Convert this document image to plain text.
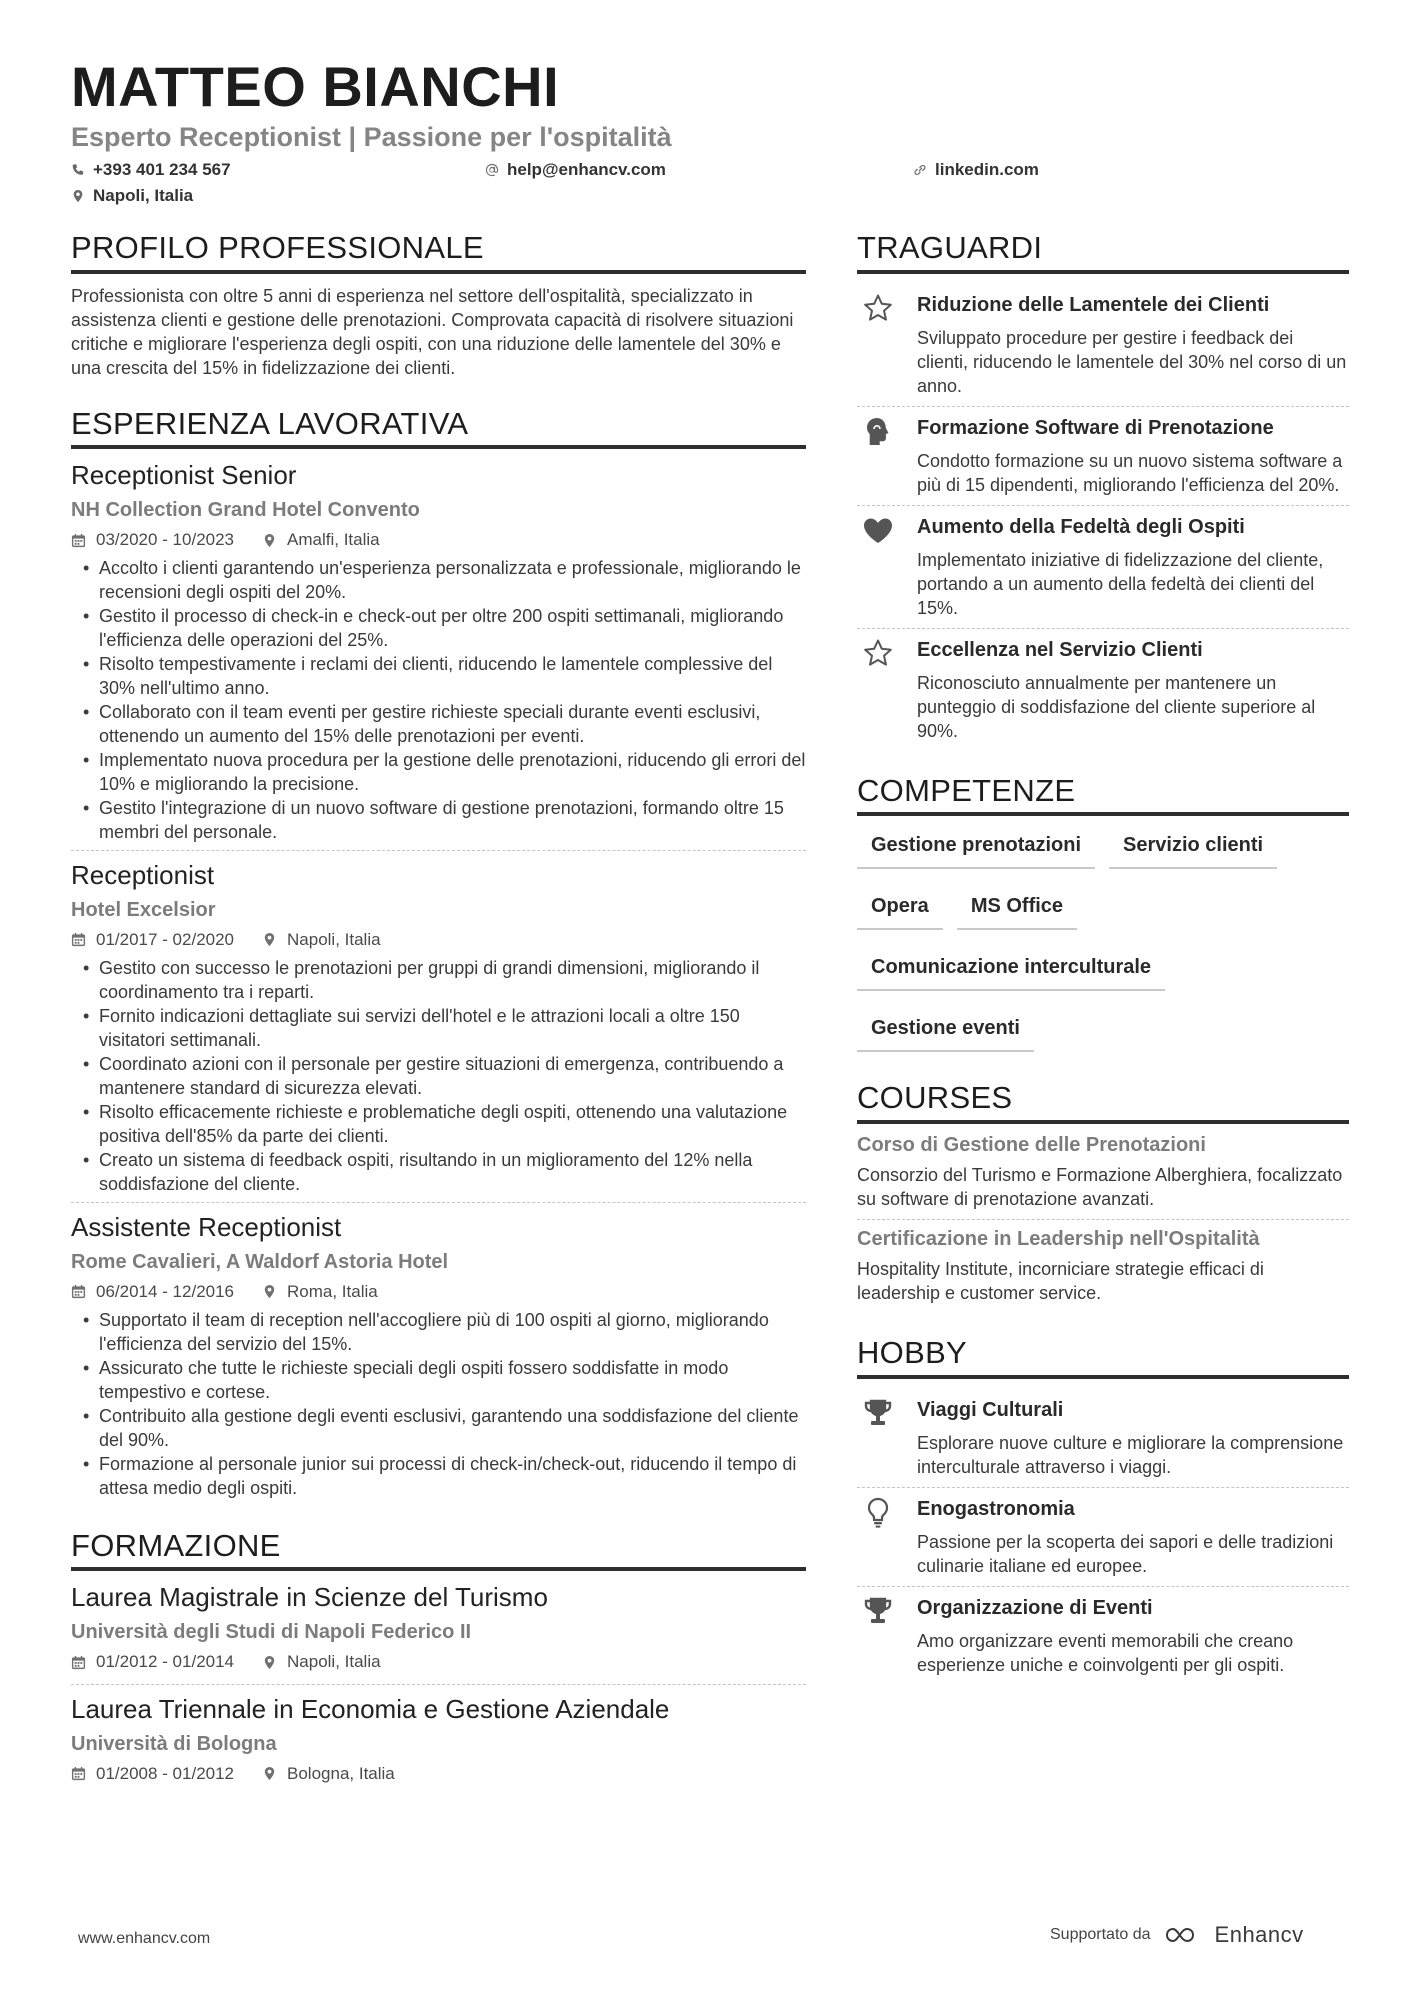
MATTEO BIANCHI
Esperto Receptionist | Passione per l'ospitalità
+393 401 234 567	help@enhancv.com	linkedin.com
Napoli, Italia
PROFILO PROFESSIONALE

Professionista con oltre 5 anni di esperienza nel settore dell'ospitalità, specializzato in assistenza clienti e gestione delle prenotazioni. Comprovata capacità di risolvere situazioni critiche e migliorare l'esperienza degli ospiti, con una riduzione delle lamentele del 30% e una crescita del 15% in fidelizzazione dei clienti.

ESPERIENZA LAVORATIVA
Receptionist Senior
NH Collection Grand Hotel Convento
03/2020 - 10/2023	Amalfi, Italia
• Accolto i clienti garantendo un'esperienza personalizzata e professionale, migliorando le recensioni degli ospiti del 20%.
• Gestito il processo di check-in e check-out per oltre 200 ospiti settimanali, migliorando l'efficienza delle operazioni del 25%.
• Risolto tempestivamente i reclami dei clienti, riducendo le lamentele complessive del 30% nell'ultimo anno.
• Collaborato con il team eventi per gestire richieste speciali durante eventi esclusivi, ottenendo un aumento del 15% delle prenotazioni per eventi.
• Implementato nuova procedura per la gestione delle prenotazioni, riducendo gli errori del 10% e migliorando la precisione.
• Gestito l'integrazione di un nuovo software di gestione prenotazioni, formando oltre 15 membri del personale.
Receptionist
Hotel Excelsior
01/2017 - 02/2020	Napoli, Italia
• Gestito con successo le prenotazioni per gruppi di grandi dimensioni, migliorando il coordinamento tra i reparti.
• Fornito indicazioni dettagliate sui servizi dell'hotel e le attrazioni locali a oltre 150 visitatori settimanali.
• Coordinato azioni con il personale per gestire situazioni di emergenza, contribuendo a mantenere standard di sicurezza elevati.
• Risolto efficacemente richieste e problematiche degli ospiti, ottenendo una valutazione positiva dell'85% da parte dei clienti.
• Creato un sistema di feedback ospiti, risultando in un miglioramento del 12% nella soddisfazione del cliente.
Assistente Receptionist
Rome Cavalieri, A Waldorf Astoria Hotel
06/2014 - 12/2016	Roma, Italia
• Supportato il team di reception nell'accogliere più di 100 ospiti al giorno, migliorando l'efficienza del servizio del 15%.
• Assicurato che tutte le richieste speciali degli ospiti fossero soddisfatte in modo tempestivo e cortese.
• Contribuito alla gestione degli eventi esclusivi, garantendo una soddisfazione del cliente del 90%.
• Formazione al personale junior sui processi di check-in/check-out, riducendo il tempo di attesa medio degli ospiti.
FORMAZIONE
Laurea Magistrale in Scienze del Turismo
Università degli Studi di Napoli Federico II
01/2012 - 01/2014	Napoli, Italia
Laurea Triennale in Economia e Gestione Aziendale
Università di Bologna
01/2008 - 01/2012	Bologna, Italia
TRAGUARDI
Riduzione delle Lamentele dei Clienti
Sviluppato procedure per gestire i feedback dei clienti, riducendo le lamentele del 30% nel corso di un anno.
Formazione Software di Prenotazione
Condotto formazione su un nuovo sistema software a più di 15 dipendenti, migliorando l'efficienza del 20%.
Aumento della Fedeltà degli Ospiti
Implementato iniziative di fidelizzazione del cliente, portando a un aumento della fedeltà dei clienti del 15%.
Eccellenza nel Servizio Clienti
Riconosciuto annualmente per mantenere un punteggio di soddisfazione del cliente superiore al 90%.
COMPETENZE
Gestione prenotazioni	Servizio clienti
Opera	MS Office
Comunicazione interculturale
Gestione eventi
COURSES
Corso di Gestione delle Prenotazioni
Consorzio del Turismo e Formazione Alberghiera, focalizzato su software di prenotazione avanzati.
Certificazione in Leadership nell'Ospitalità
Hospitality Institute, incorniciare strategie efficaci di leadership e customer service.
HOBBY
Viaggi Culturali
Esplorare nuove culture e migliorare la comprensione interculturale attraverso i viaggi.
Enogastronomia
Passione per la scoperta dei sapori e delle tradizioni culinarie italiane ed europee.
Organizzazione di Eventi
Amo organizzare eventi memorabili che creano esperienze uniche e coinvolgenti per gli ospiti.
www.enhancv.com	Supportato da	Enhancv
